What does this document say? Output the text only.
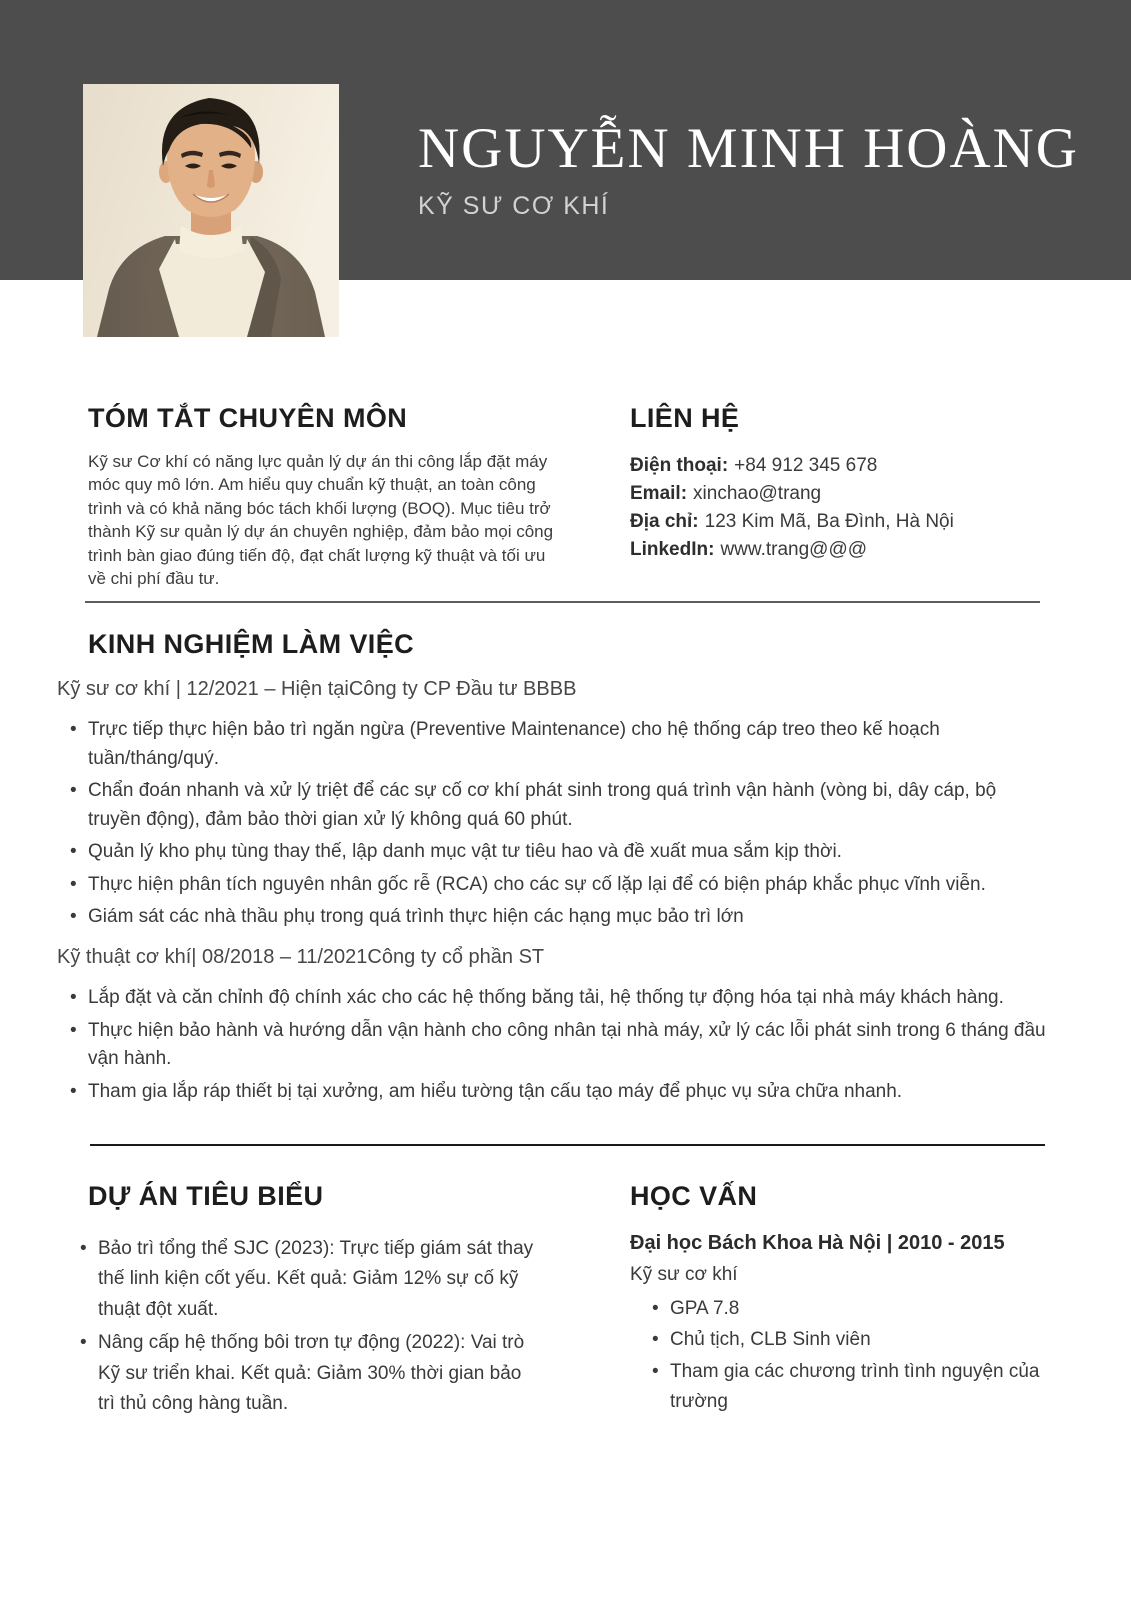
NGUYỄN MINH HOÀNG
KỸ SƯ CƠ KHÍ
TÓM TẮT CHUYÊN MÔN

Kỹ sư Cơ khí có năng lực quản lý dự án thi công lắp đặt máy móc quy mô lớn. Am hiểu quy chuẩn kỹ thuật, an toàn công trình và có khả năng bóc tách khối lượng (BOQ). Mục tiêu trở thành Kỹ sư quản lý dự án chuyên nghiệp, đảm bảo mọi công trình bàn giao đúng tiến độ, đạt chất lượng kỹ thuật và tối ưu về chi phí đầu tư.

LIÊN HỆ
Điện thoại: +84 912 345 678
Email: xinchao@trang
Địa chỉ: 123 Kim Mã, Ba Đình, Hà Nội
LinkedIn: www.trang@@@
KINH NGHIỆM LÀM VIỆC
Kỹ sư cơ khí | 12/2021 – Hiện tạiCông ty CP Đầu tư BBBB
• Trực tiếp thực hiện bảo trì ngăn ngừa (Preventive Maintenance) cho hệ thống cáp treo theo kế hoạch tuần/tháng/quý.
• Chẩn đoán nhanh và xử lý triệt để các sự cố cơ khí phát sinh trong quá trình vận hành (vòng bi, dây cáp, bộ truyền động), đảm bảo thời gian xử lý không quá 60 phút.
• Quản lý kho phụ tùng thay thế, lập danh mục vật tư tiêu hao và đề xuất mua sắm kịp thời.
• Thực hiện phân tích nguyên nhân gốc rễ (RCA) cho các sự cố lặp lại để có biện pháp khắc phục vĩnh viễn.
• Giám sát các nhà thầu phụ trong quá trình thực hiện các hạng mục bảo trì lớn
Kỹ thuật cơ khí| 08/2018 – 11/2021Công ty cổ phần ST
• Lắp đặt và căn chỉnh độ chính xác cho các hệ thống băng tải, hệ thống tự động hóa tại nhà máy khách hàng.
• Thực hiện bảo hành và hướng dẫn vận hành cho công nhân tại nhà máy, xử lý các lỗi phát sinh trong 6 tháng đầu vận hành.
• Tham gia lắp ráp thiết bị tại xưởng, am hiểu tường tận cấu tạo máy để phục vụ sửa chữa nhanh.
DỰ ÁN TIÊU BIỂU
• Bảo trì tổng thể SJC (2023): Trực tiếp giám sát thay thế linh kiện cốt yếu. Kết quả: Giảm 12% sự cố kỹ thuật đột xuất.
• Nâng cấp hệ thống bôi trơn tự động (2022): Vai trò Kỹ sư triển khai. Kết quả: Giảm 30% thời gian bảo trì thủ công hàng tuần.
HỌC VẤN
Đại học Bách Khoa Hà Nội | 2010 - 2015
Kỹ sư cơ khí
• GPA 7.8
• Chủ tịch, CLB Sinh viên
• Tham gia các chương trình tình nguyện của trường
